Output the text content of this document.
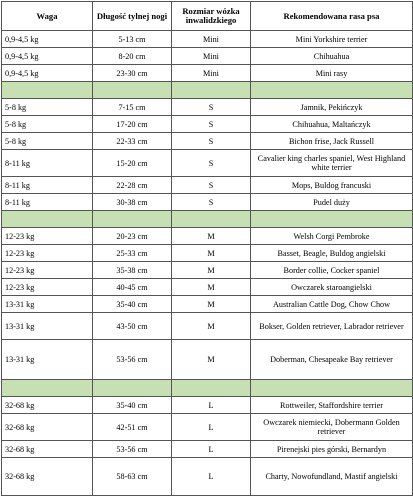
Waga	Długość tylnej nogi	Rozmiar wózka inwalidzkiego	Rekomendowana rasa psa
0,9-4,5 kg	5-13 cm	Mini	Mini Yorkshire terrier
0,9-4,5 kg	8-20 cm	Mini	Chihuahua
0,9-4,5 kg	23-30 cm	Mini	Mini rasy

5-8 kg	7-15 cm	S	Jamnik, Pekińczyk
5-8 kg	17-20 cm	S	Chihuahua, Maltańczyk
5-8 kg	22-33 cm	S	Bichon frise, Jack Russell
8-11 kg	15-20 cm	S	Cavalier king charles spaniel, West Highland white terrier
8-11 kg	22-28 cm	S	Mops, Buldog francuski
8-11 kg	30-38 cm	S	Pudel duży

12-23 kg	20-23 cm	M	Welsh Corgi Pembroke
12-23 kg	25-33 cm	M	Basset, Beagle, Buldog angielski
12-23 kg	35-38 cm	M	Border collie, Cocker spaniel
12-23 kg	40-45 cm	M	Owczarek staroangielski
13-31 kg	35-40 cm	M	Australian Cattle Dog, Chow Chow
13-31 kg	43-50 cm	M	Bokser, Golden retriever, Labrador retriever
13-31 kg	53-56 cm	M	Doberman, Chesapeake Bay retriever

32-68 kg	35-40 cm	L	Rottweiler, Staffordshire terrier
32-68 kg	42-51 cm	L	Owczarek niemiecki, Dobermann Golden retriever
32-68 kg	53-56 cm	L	Pirenejski pies górski, Bernardyn
32-68 kg	58-63 cm	L	Charty, Nowofundland, Mastif angielski
